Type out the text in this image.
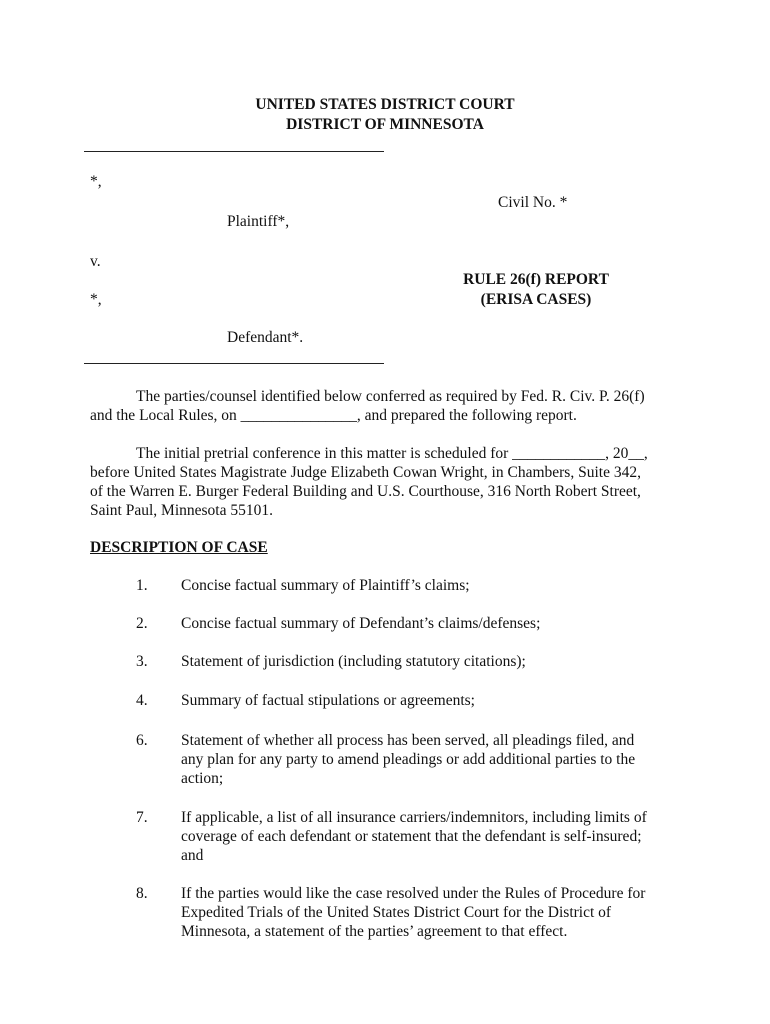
UNITED STATES DISTRICT COURT
DISTRICT OF MINNESOTA
*,
Plaintiff*,
v.
*,
Defendant*.
Civil No. *
RULE 26(f) REPORT
(ERISA CASES)
The parties/counsel identified below conferred as required by Fed. R. Civ. P. 26(f)
and the Local Rules, on _______________, and prepared the following report.
The initial pretrial conference in this matter is scheduled for ____________, 20__,
before United States Magistrate Judge Elizabeth Cowan Wright, in Chambers, Suite 342,
of the Warren E. Burger Federal Building and U.S. Courthouse, 316 North Robert Street,
Saint Paul, Minnesota 55101.
DESCRIPTION OF CASE
1. Concise factual summary of Plaintiff’s claims;
2. Concise factual summary of Defendant’s claims/defenses;
3. Statement of jurisdiction (including statutory citations);
4. Summary of factual stipulations or agreements;
6. Statement of whether all process has been served, all pleadings filed, and
any plan for any party to amend pleadings or add additional parties to the
action;
7. If applicable, a list of all insurance carriers/indemnitors, including limits of
coverage of each defendant or statement that the defendant is self-insured;
and
8. If the parties would like the case resolved under the Rules of Procedure for
Expedited Trials of the United States District Court for the District of
Minnesota, a statement of the parties’ agreement to that effect.
